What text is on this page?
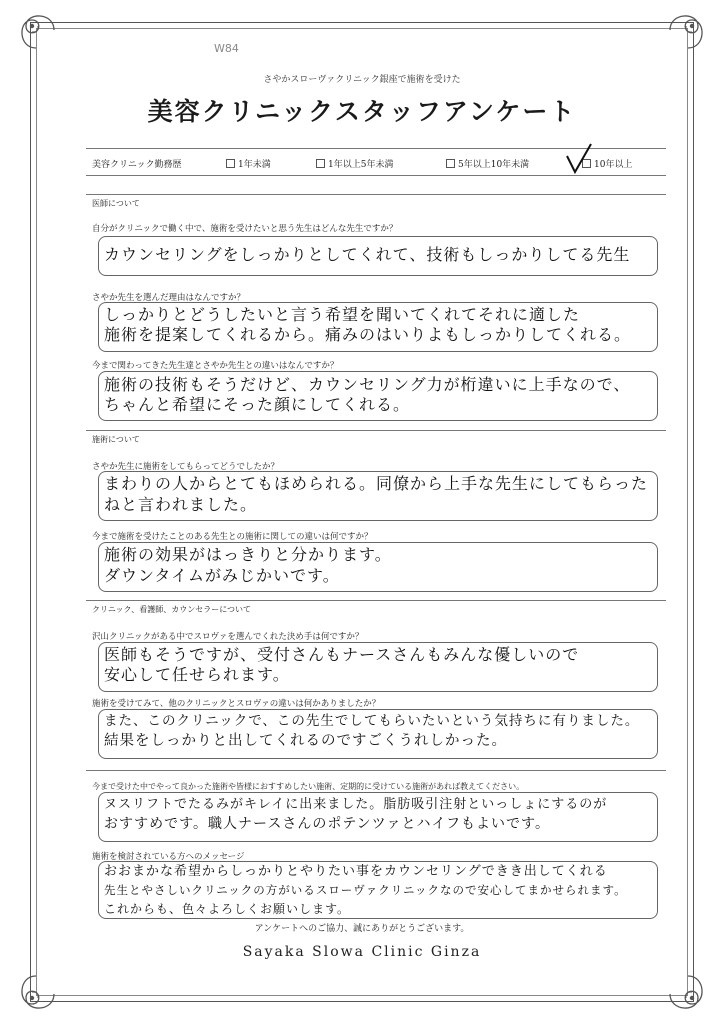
W84
さやかスローヴァクリニック銀座で施術を受けた
美容クリニックスタッフアンケート
美容クリニック勤務歴	1年未満	1年以上5年未満	5年以上10年未満	10年以上
医師について
自分がクリニックで働く中で、施術を受けたいと思う先生はどんな先生ですか？
カウンセリングをしっかりとしてくれて、技術もしっかりしてる先生
さやか先生を選んだ理由はなんですか？
しっかりとどうしたいと言う希望を聞いてくれてそれに適した
施術を提案してくれるから。痛みのはいりよもしっかりしてくれる。
今まで関わってきた先生達とさやか先生との違いはなんですか？
施術の技術もそうだけど、カウンセリング力が桁違いに上手なので、
ちゃんと希望にそった顔にしてくれる。
施術について
さやか先生に施術をしてもらってどうでしたか？
まわりの人からとてもほめられる。同僚から上手な先生にしてもらった
ねと言われました。
今まで施術を受けたことのある先生との施術に関しての違いは何ですか？
施術の効果がはっきりと分かります。
ダウンタイムがみじかいです。
クリニック、看護師、カウンセラーについて
沢山クリニックがある中でスロヴァを選んでくれた決め手は何ですか？
医師もそうですが、受付さんもナースさんもみんな優しいので
安心して任せられます。
施術を受けてみて、他のクリニックとスロヴァの違いは何かありましたか？
また、このクリニックで、この先生でしてもらいたいという気持ちに有りました。
結果をしっかりと出してくれるのですごくうれしかった。
今まで受けた中でやって良かった施術や皆様におすすめしたい施術、定期的に受けている施術があれば教えてください。
ヌスリフトでたるみがキレイに出来ました。脂肪吸引注射といっしょにするのが
おすすめです。職人ナースさんのポテンツァとハイフもよいです。
施術を検討されている方へのメッセージ
おおまかな希望からしっかりとやりたい事をカウンセリングできき出してくれる
先生とやさしいクリニックの方がいるスローヴァクリニックなので安心してまかせられます。
これからも、色々よろしくお願いします。
アンケートへのご協力、誠にありがとうございます。
Sayaka Slowa Clinic Ginza
